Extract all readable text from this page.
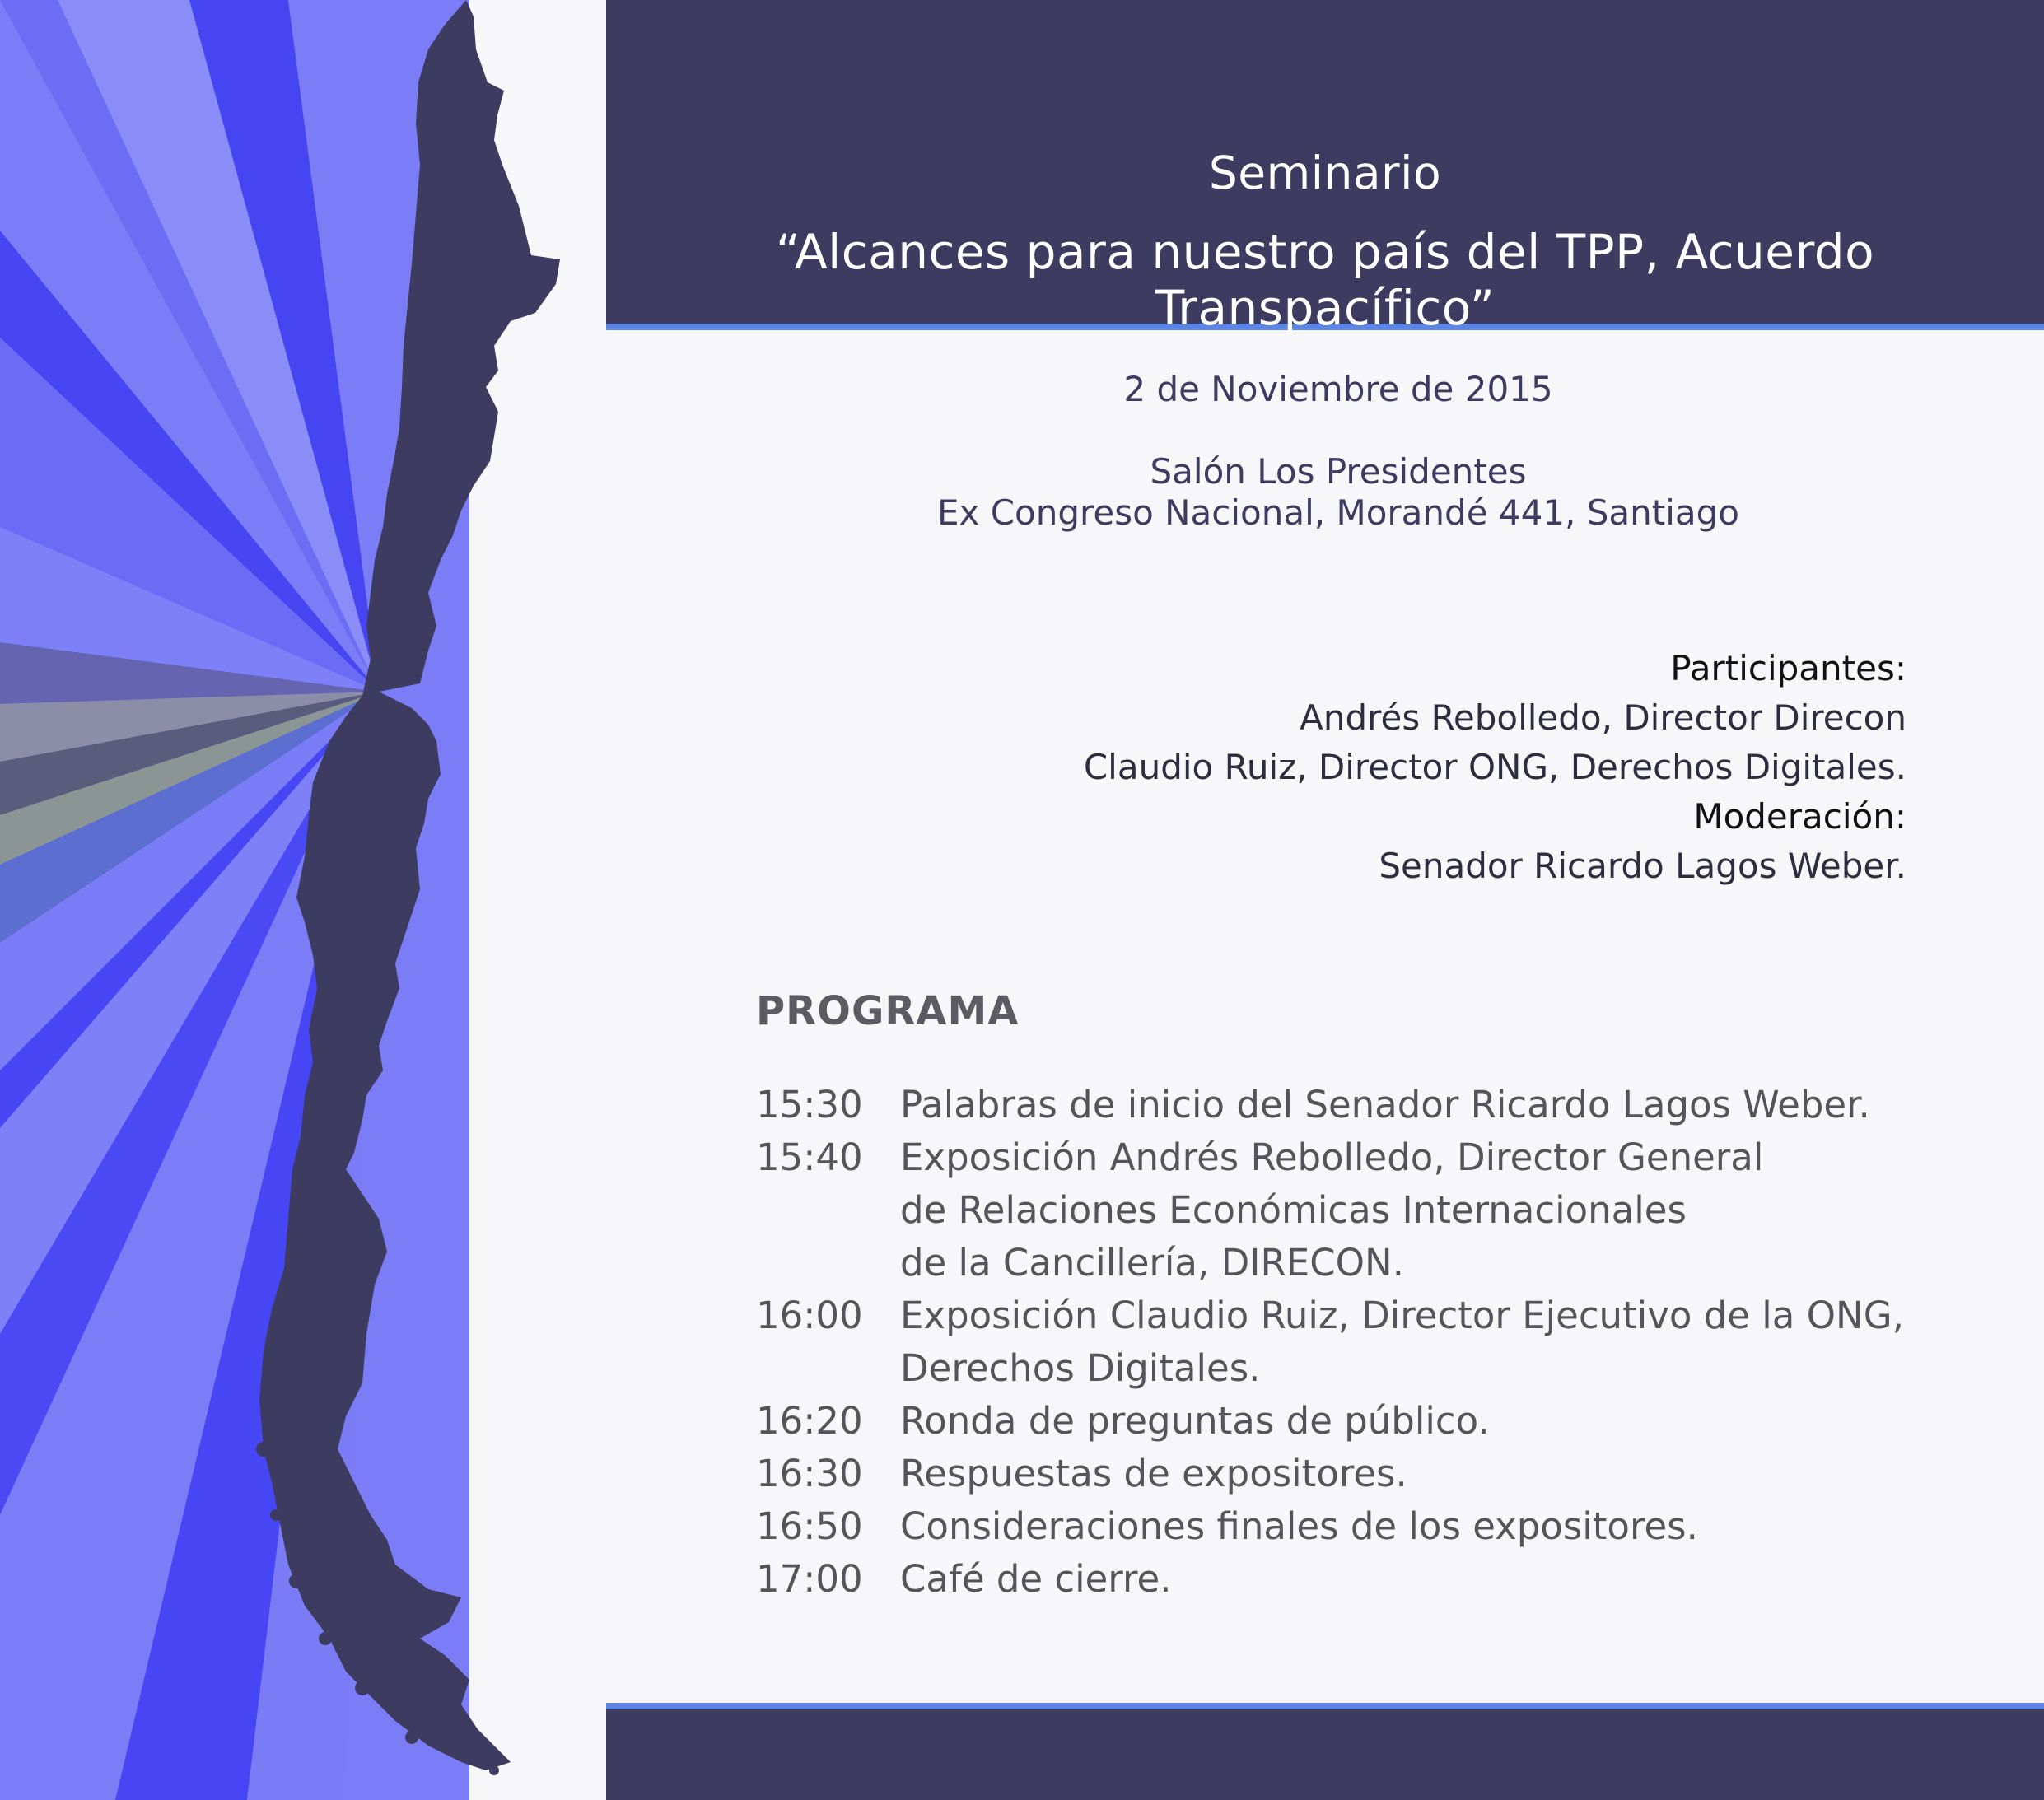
Seminario
“Alcances para nuestro país del TPP, Acuerdo Transpacífico”
2 de Noviembre de 2015
Salón Los Presidentes
Ex Congreso Nacional, Morandé 441, Santiago
Participantes:
Andrés Rebolledo, Director Direcon
Claudio Ruiz, Director ONG, Derechos Digitales.
Moderación:
Senador Ricardo Lagos Weber.
PROGRAMA
15:30	Palabras de inicio del Senador Ricardo Lagos Weber.
15:40	Exposición Andrés Rebolledo, Director General
de Relaciones Económicas Internacionales
de la Cancillería, DIRECON.
16:00	Exposición Claudio Ruiz, Director Ejecutivo de la ONG,
Derechos Digitales.
16:20	Ronda de preguntas de público.
16:30	Respuestas de expositores.
16:50	Consideraciones finales de los expositores.
17:00	Café de cierre.
